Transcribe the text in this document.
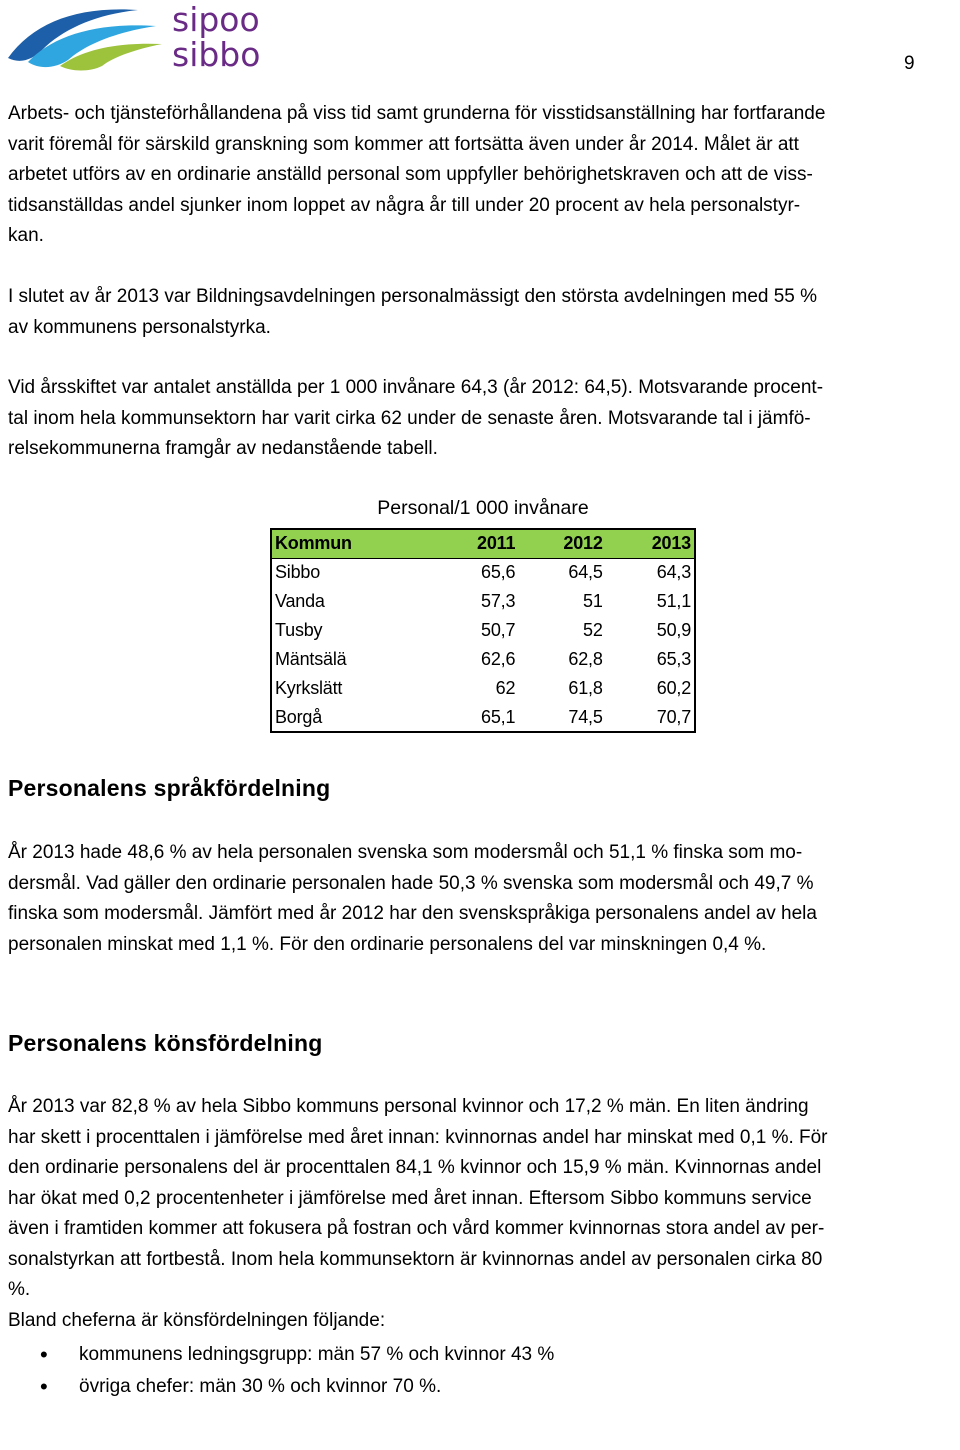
sipoo
sibbo	9
Arbets- och tjänsteförhållandena på viss tid samt grunderna för visstidsanställning har fortfarande
varit föremål för särskild granskning som kommer att fortsätta även under år 2014. Målet är att
arbetet utförs av en ordinarie anställd personal som uppfyller behörighetskraven och att de viss-
tidsanställdas andel sjunker inom loppet av några år till under 20 procent av hela personalstyr-
kan.
I slutet av år 2013 var Bildningsavdelningen personalmässigt den största avdelningen med 55 %
av kommunens personalstyrka.
Vid årsskiftet var antalet anställda per 1 000 invånare 64,3 (år 2012: 64,5). Motsvarande procent-
tal inom hela kommunsektorn har varit cirka 62 under de senaste åren. Motsvarande tal i jämfö-
relsekommunerna framgår av nedanstående tabell.
Personal/1 000 invånare
Kommun	2011	2012	2013
Sibbo	65,6	64,5	64,3
Vanda	57,3	51	51,1
Tusby	50,7	52	50,9
Mäntsälä	62,6	62,8	65,3
Kyrkslätt	62	61,8	60,2
Borgå	65,1	74,5	70,7
Personalens språkfördelning
År 2013 hade 48,6 % av hela personalen svenska som modersmål och 51,1 % finska som mo-
dersmål. Vad gäller den ordinarie personalen hade 50,3 % svenska som modersmål och 49,7 %
finska som modersmål. Jämfört med år 2012 har den svenskspråkiga personalens andel av hela
personalen minskat med 1,1 %. För den ordinarie personalens del var minskningen 0,4 %.
Personalens könsfördelning
År 2013 var 82,8 % av hela Sibbo kommuns personal kvinnor och 17,2 % män. En liten ändring
har skett i procenttalen i jämförelse med året innan: kvinnornas andel har minskat med 0,1 %. För
den ordinarie personalens del är procenttalen 84,1 % kvinnor och 15,9 % män. Kvinnornas andel
har ökat med 0,2 procentenheter i jämförelse med året innan. Eftersom Sibbo kommuns service
även i framtiden kommer att fokusera på fostran och vård kommer kvinnornas stora andel av per-
sonalstyrkan att fortbestå. Inom hela kommunsektorn är kvinnornas andel av personalen cirka 80
%.
Bland cheferna är könsfördelningen följande:
• kommunens ledningsgrupp: män 57 % och kvinnor 43 %
• övriga chefer: män 30 % och kvinnor 70 %.
